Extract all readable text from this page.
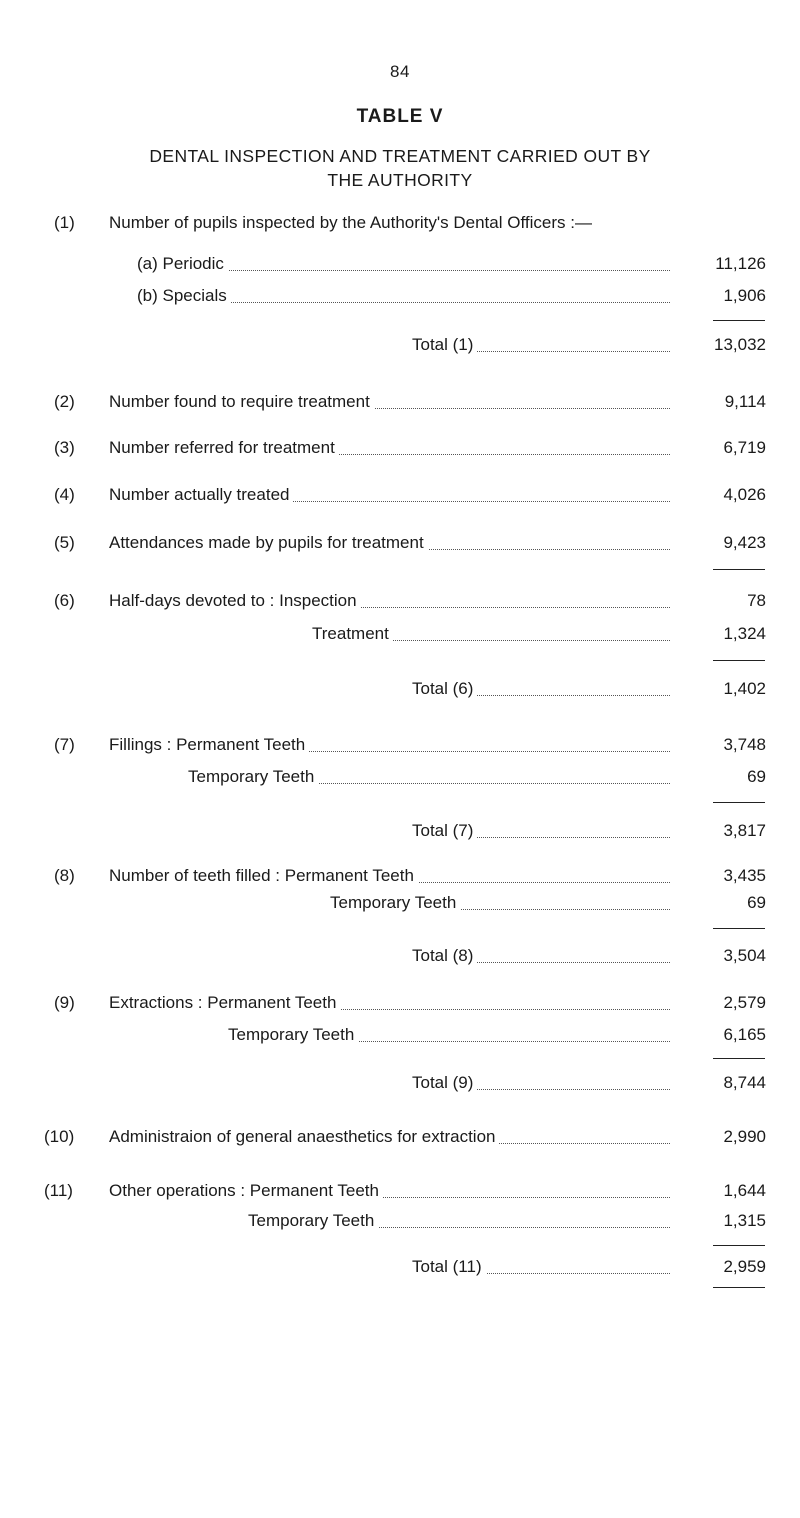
84
TABLE V
DENTAL INSPECTION AND TREATMENT CARRIED OUT BY
THE AUTHORITY
(1)	Number of pupils inspected by the Authority's Dental Officers :—
(a) Periodic	11,126
(b) Specials	1,906
Total (1)	13,032
(2)	Number found to require treatment	9,114
(3)	Number referred for treatment	6,719
(4)	Number actually treated	4,026
(5)	Attendances made by pupils for treatment	9,423
(6)	Half-days devoted to : Inspection	78
Treatment	1,324
Total (6)	1,402
(7)	Fillings : Permanent Teeth	3,748
Temporary Teeth	69
Total (7)	3,817
(8)	Number of teeth filled : Permanent Teeth	3,435
Temporary Teeth	69
Total (8)	3,504
(9)	Extractions : Permanent Teeth	2,579
Temporary Teeth	6,165
Total (9)	8,744
(10)	Administraion of general anaesthetics for extraction	2,990
(11)	Other operations : Permanent Teeth	1,644
Temporary Teeth	1,315
Total (11)	2,959
